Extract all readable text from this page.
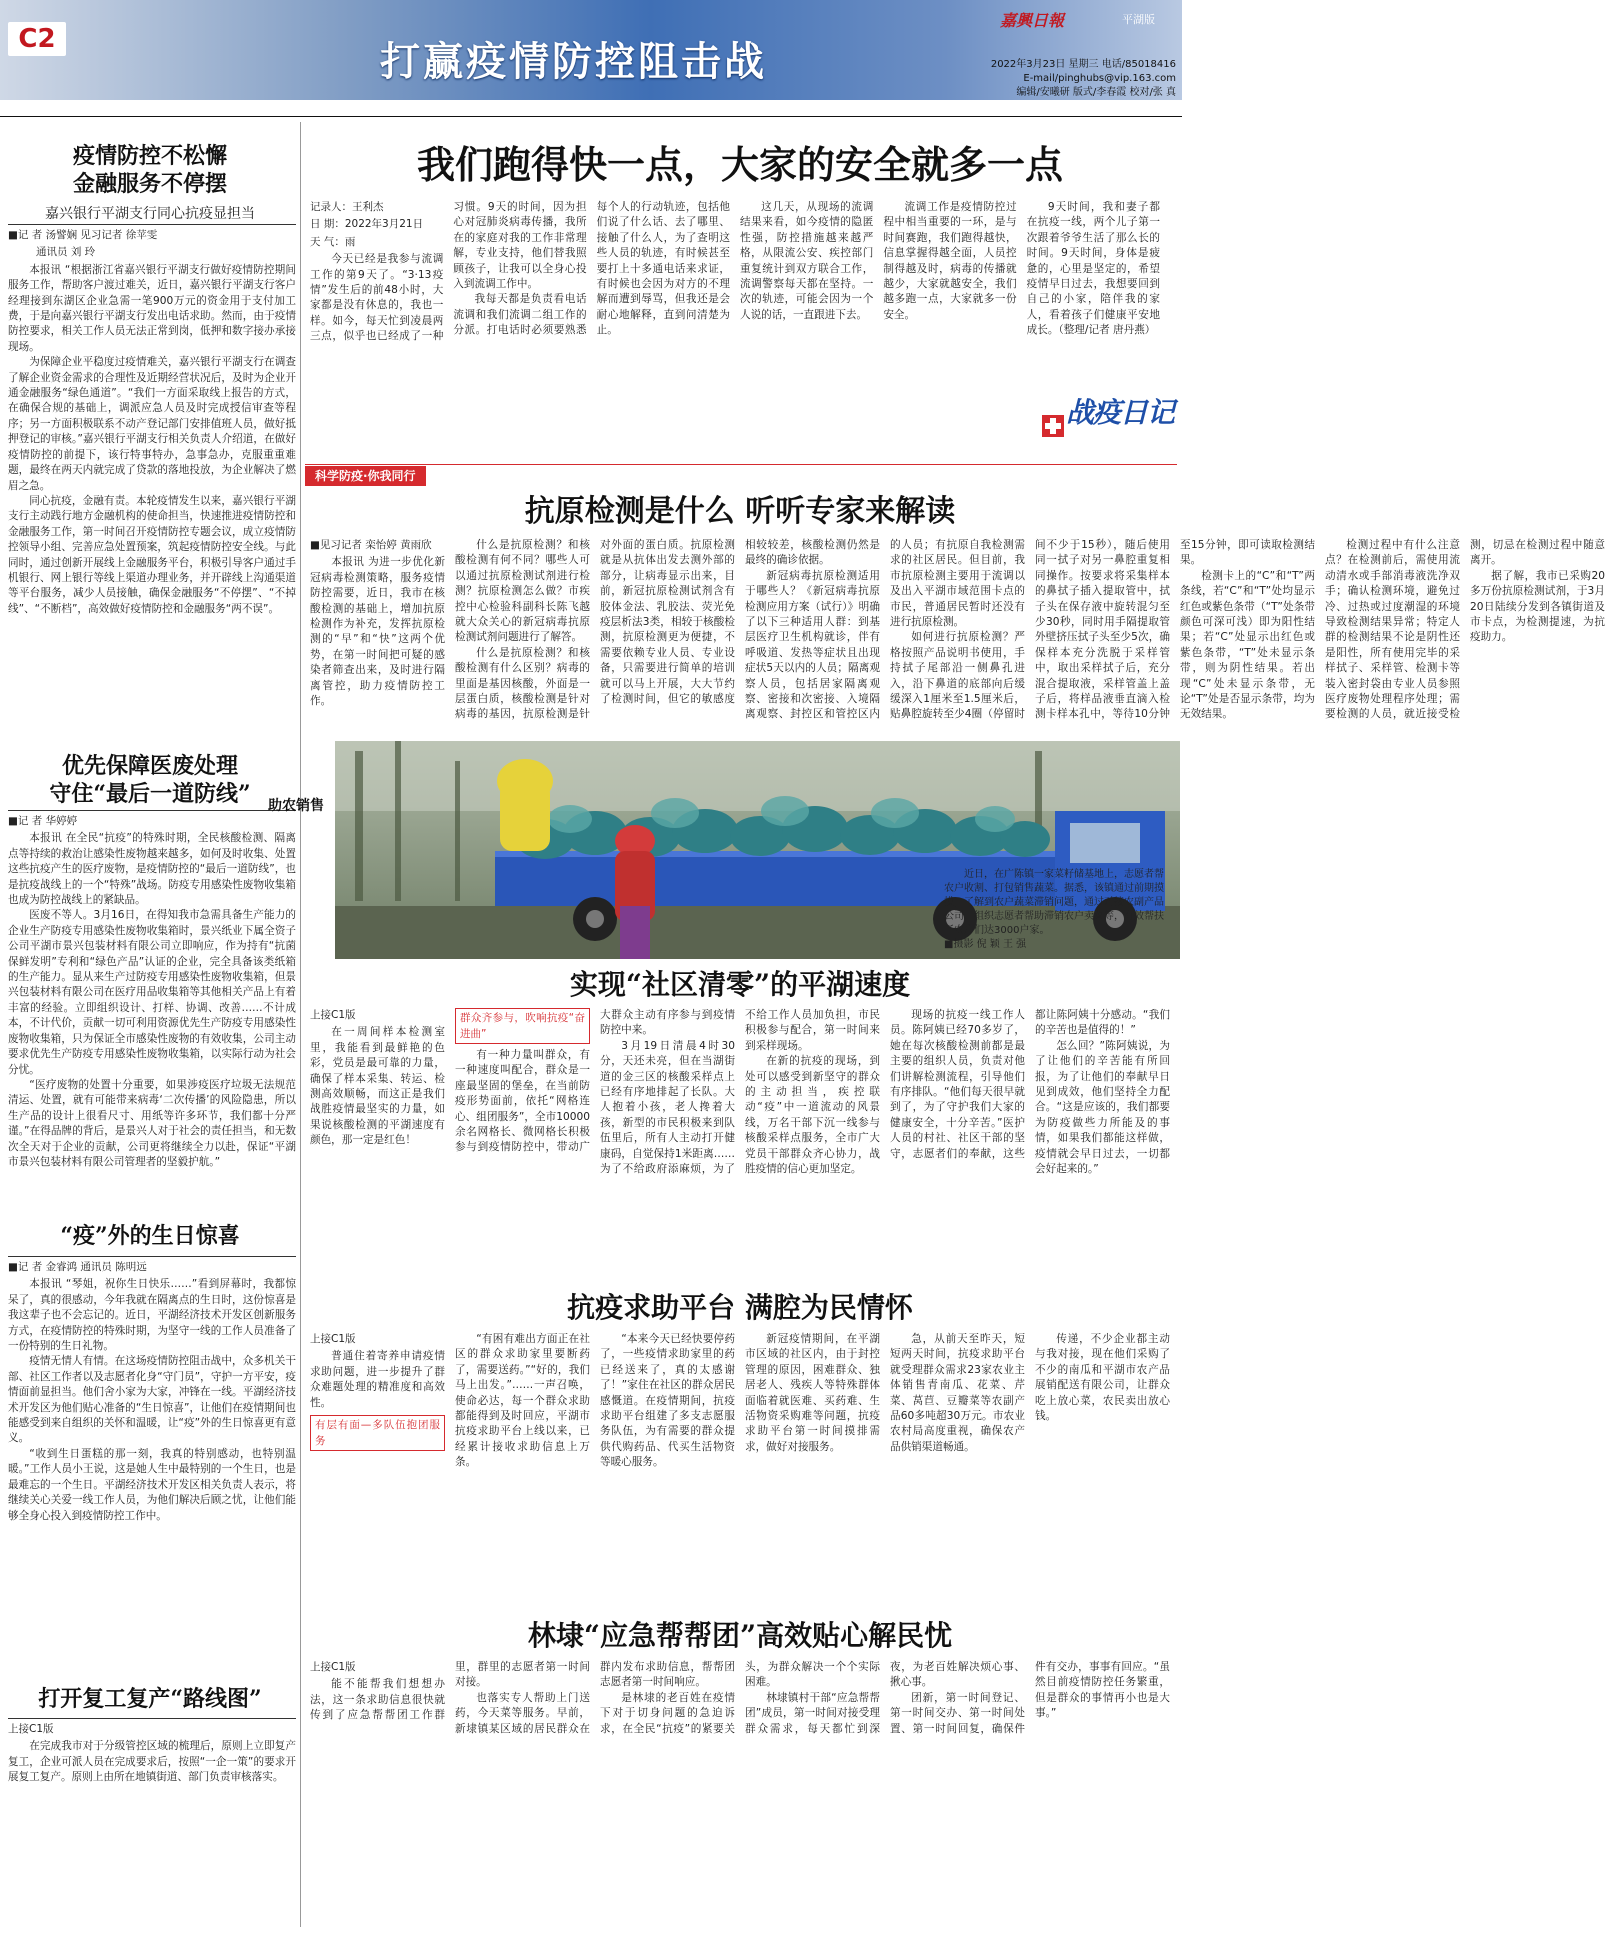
C2	打赢疫情防控阻击战
嘉興日報	平湖版
2022年3月23日 星期三 电话/85018416
E-mail/pinghubs@vip.163.com
编辑/安曦研 版式/李春霞 校对/张 真
疫情防控不松懈
金融服务不停摆
嘉兴银行平湖支行同心抗疫显担当
■记 者 汤譬娴 见习记者 徐苹雯
通讯员 刘 玲

本报讯 “根据浙江省嘉兴银行平湖支行做好疫情防控期间服务工作，帮助客户渡过难关，近日，嘉兴银行平湖支行客户经理接到东湖区企业急需一笔900万元的资金用于支付加工费，于是向嘉兴银行平湖支行发出电话求助。然而，由于疫情防控要求，相关工作人员无法正常到岗，低押和数字接办承接现场。

为保障企业平稳度过疫情难关，嘉兴银行平湖支行在调查了解企业资金需求的合理性及近期经营状况后，及时为企业开通金融服务“绿色通道”。“我们一方面采取线上报告的方式，在确保合规的基础上，调派应急人员及时完成授信审查等程序；另一方面积极联系不动产登记部门安排值班人员，做好抵押登记的审核。”嘉兴银行平湖支行相关负责人介绍道，在做好疫情防控的前提下，该行特事特办，急事急办，克服重重难题，最终在两天内就完成了贷款的落地投放，为企业解决了燃眉之急。

同心抗疫，金融有责。本轮疫情发生以来，嘉兴银行平湖支行主动践行地方金融机构的使命担当，快速推进疫情防控和金融服务工作，第一时间召开疫情防控专题会议，成立疫情防控领导小组、完善应急处置预案，筑起疫情防控安全线。与此同时，通过创新开展线上金融服务平台，积极引导客户通过手机银行、网上银行等线上渠道办理业务，并开辟线上沟通渠道等平台服务，减少人员接触，确保金融服务“不停摆”、“不掉线”、“不断档”，高效做好疫情防控和金融服务“两不误”。

优先保障医废处理
守住“最后一道防线”
■记 者 华婷婷

本报讯 在全民“抗疫”的特殊时期，全民核酸检测、隔离点等持续的救治让感染性废物越来越多，如何及时收集、处置这些抗疫产生的医疗废物，是疫情防控的“最后一道防线”，也是抗疫战线上的一个“特殊”战场。防疫专用感染性废物收集箱也成为防控战线上的紧缺品。

医废不等人。3月16日，在得知我市急需具备生产能力的企业生产防疫专用感染性废物收集箱时，景兴纸业下属全资子公司平湖市景兴包装材料有限公司立即响应，作为持有“抗菌保鲜发明”专利和“绿色产品”认证的企业，完全具备该类纸箱的生产能力。显从来生产过防疫专用感染性废物收集箱，但景兴包装材料有限公司在医疗用品收集箱等其他相关产品上有着丰富的经验。立即组织设计、打样、协调、改善……不计成本，不计代价，贡献一切可利用资源优先生产防疫专用感染性废物收集箱，只为保证全市感染性废物的有效收集，公司主动要求优先生产防疫专用感染性废物收集箱，以实际行动为社会分忧。

“医疗废物的处置十分重要，如果涉疫医疗垃圾无法规范清运、处置，就有可能带来病毒‘二次传播’的风险隐患，所以生产品的设计上很看尺寸、用纸等许多环节，我们都十分严谨。”在得品牌的背后，是景兴人对于社会的责任担当，和无数次全天对于企业的贡献，公司更将继续全力以赴，保证“平湖市景兴包装材料有限公司管理者的坚毅护航。”

“疫”外的生日惊喜
■记 者 金睿鸿 通讯员 陈明远

本报讯 “琴姐，祝你生日快乐……”看到屏幕时，我都惊呆了，真的很感动，今年我就在隔离点的生日时，这份惊喜是我这辈子也不会忘记的。近日，平湖经济技术开发区创新服务方式，在疫情防控的特殊时期，为坚守一线的工作人员准备了一份特别的生日礼物。

疫情无情人有情。在这场疫情防控阻击战中，众多机关干部、社区工作者以及志愿者化身“守门员”，守护一方平安，疫情面前显担当。他们舍小家为大家，冲锋在一线。平湖经济技术开发区为他们贴心准备的“生日惊喜”，让他们在疫情期间也能感受到来自组织的关怀和温暖，让“疫”外的生日惊喜更有意义。

“收到生日蛋糕的那一刻，我真的特别感动，也特别温暖。”工作人员小王说，这是她人生中最特别的一个生日，也是最难忘的一个生日。平湖经济技术开发区相关负责人表示，将继续关心关爱一线工作人员，为他们解决后顾之忧，让他们能够全身心投入到疫情防控工作中。

打开复工复产“路线图”
上接C1版

在完成我市对于分级管控区域的梳理后，原则上立即复产复工，企业可派人员在完成要求后，按照“一企一策”的要求开展复工复产。原则上由所在地镇街道、部门负责审核落实。

我们跑得快一点，大家的安全就多一点
记录人：王利杰
日 期：2022年3月21日
天 气：雨

今天已经是我参与流调工作的第9天了。“3·13疫情”发生后的前48小时，大家都是没有休息的，我也一样。如今，每天忙到凌晨两三点，似乎也已经成了一种习惯。9天的时间，因为担心对冠肺炎病毒传播，我所在的家庭对我的工作非常理解，专业支持，他们替我照顾孩子，让我可以全身心投入到流调工作中。

我每天都是负责看电话流调和我们流调二组工作的分派。打电话时必须要熟悉每个人的行动轨迹，包括他们说了什么话、去了哪里、接触了什么人，为了查明这些人员的轨迹，有时候甚至要打上十多通电话来求证，有时候也会因为对方的不理解而遭到辱骂，但我还是会耐心地解释，直到问清楚为止。

这几天，从现场的流调结果来看，如今疫情的隐匿性强，防控措施越来越严格，从限流公安、疾控部门重复统计到双方联合工作，流调警察每天都在坚持。一次的轨迹，可能会因为一个人说的话，一直跟进下去。

流调工作是疫情防控过程中相当重要的一环，是与时间赛跑，我们跑得越快，信息掌握得越全面，人员控制得越及时，病毒的传播就越少，大家就越安全，我们越多跑一点，大家就多一份安全。

9天时间，我和妻子都在抗疫一线，两个儿子第一次跟着爷爷生活了那么长的时间。9天时间，身体是疲惫的，心里是坚定的，希望疫情早日过去，我想要回到自己的小家，陪伴我的家人，看着孩子们健康平安地成长。（整理/记者 唐丹燕）

战疫日记
科学防疫·你我同行
抗原检测是什么 听听专家来解读
■见习记者 栾怡婷 黄雨欣

本报讯 为进一步优化新冠病毒检测策略，服务疫情防控需要，近日，我市在核酸检测的基础上，增加抗原检测作为补充，发挥抗原检测的“早”和“快”这两个优势，在第一时间把可疑的感染者筛查出来，及时进行隔离管控，助力疫情防控工作。

什么是抗原检测？和核酸检测有何不同？哪些人可以通过抗原检测试剂进行检测？抗原检测怎么做？市疾控中心检验科副科长陈飞越就大众关心的新冠病毒抗原检测试剂问题进行了解答。

什么是抗原检测？和核酸检测有什么区别？病毒的里面是基因核酸，外面是一层蛋白质，核酸检测是针对病毒的基因，抗原检测是针对外面的蛋白质。抗原检测就是从抗体出发去测外部的部分，让病毒显示出来，目前，新冠抗原检测试剂含有胶体金法、乳胶法、荧光免疫层析法3类，相较于核酸检测，抗原检测更为便捷，不需要依赖专业人员、专业设备，只需要进行简单的培训就可以马上开展，大大节约了检测时间，但它的敏感度相较较差，核酸检测仍然是最终的确诊依据。

新冠病毒抗原检测适用于哪些人？《新冠病毒抗原检测应用方案（试行）》明确了以下三种适用人群：到基层医疗卫生机构就诊，伴有呼吸道、发热等症状且出现症状5天以内的人员；隔离观察人员，包括居家隔离观察、密接和次密接、入境隔离观察、封控区和管控区内的人员；有抗原自我检测需求的社区居民。但目前，我市抗原检测主要用于流调以及出入平湖市域范围卡点的市民，普通居民暂时还没有进行抗原检测。

如何进行抗原检测？严格按照产品说明书使用，手持拭子尾部沿一侧鼻孔进入，沿下鼻道的底部向后缓缓深入1厘米至1.5厘米后，贴鼻腔旋转至少4圈（停留时间不少于15秒），随后使用同一拭子对另一鼻腔重复相同操作。按要求将采集样本的鼻拭子插入提取管中，拭子头在保存液中旋转混匀至少30秒，同时用手隔提取管外壁挤压拭子头至少5次，确保样本充分洗脱于采样管中，取出采样拭子后，充分混合提取液，采样管盖上盖子后，将样品液垂直滴入检测卡样本孔中，等待10分钟至15分钟，即可读取检测结果。

检测卡上的“C”和“T”两条线，若“C”和“T”处均显示红色或紫色条带（“T”处条带颜色可深可浅）即为阳性结果；若“C”处显示出红色或紫色条带，“T”处未显示条带，则为阴性结果。若出现“C”处未显示条带，无论“T”处是否显示条带，均为无效结果。

检测过程中有什么注意点？在检测前后，需使用流动清水或手部消毒液洗净双手；确认检测环境，避免过冷、过热或过度潮湿的环境导致检测结果异常；特定人群的检测结果不论是阴性还是阳性，所有使用完毕的采样拭子、采样管、检测卡等装入密封袋由专业人员参照医疗废物处理程序处理；需要检测的人员，就近接受检测，切忌在检测过程中随意离开。

据了解，我市已采购20多万份抗原检测试剂，于3月20日陆续分发到各镇街道及市卡点，为检测提速，为抗疫助力。

助农销售
近日，在广陈镇一家菜籽储基地上，志愿者帮农户收割、打包销售蔬菜。据悉，该镇通过前期摸摸，了解到农户蔬菜滞销问题，通过对接农副产品公司、组织志愿者帮助滞销农户卖菜等，有效帮扶了农户们达3000户家。
■摄影 倪 颖 王 强
实现“社区清零”的平湖速度
上接C1版

在一周间样本检测室里，我能看到最鲜艳的色彩，党员是最可靠的力量，确保了样本采集、转运、检测高效顺畅，而这正是我们战胜疫情最坚实的力量，如果说核酸检测的平湖速度有颜色，那一定是红色！

群众齐参与，吹响抗疫“奋进曲”

有一种力量叫群众，有一种速度叫配合，群众是一座最坚固的堡垒，在当前防疫形势面前，依托“网格连心、组团服务”，全市10000余名网格长、微网格长积极参与到疫情防控中，带动广大群众主动有序参与到疫情防控中来。

3月19日清晨4时30分，天还未亮，但在当湖街道的金三区的核酸采样点上已经有序地排起了长队。大人抱着小孩，老人搀着大孩，新型的市民积极来到队伍里后，所有人主动打开健康码，自觉保持1米距离……为了不给政府添麻烦，为了不给工作人员加负担，市民积极参与配合，第一时间来到采样现场。

在新的抗疫的现场，到处可以感受到新坚守的群众的主动担当，疾控联动“疫”中一道流动的风景线，万名干部下沉一线参与核酸采样点服务，全市广大党员干部群众齐心协力，战胜疫情的信心更加坚定。

现场的抗疫一线工作人员。陈阿姨已经70多岁了，她在每次核酸检测前都是最主要的组织人员，负责对他们讲解检测流程，引导他们有序排队。“他们每天很早就到了，为了守护我们大家的健康安全，十分辛苦。”医护人员的村社、社区干部的坚守，志愿者们的奉献，这些都让陈阿姨十分感动。“我们的辛苦也是值得的！”

怎么回？”陈阿姨说，为了让他们的辛苦能有所回报，为了让他们的奉献早日见到成效，他们坚持全力配合。“这是应该的，我们都要为防疫做些力所能及的事情，如果我们都能这样做，疫情就会早日过去，一切都会好起来的。”

抗疫求助平台 满腔为民情怀
上接C1版

普通住着寄养申请疫情求助问题，进一步提升了群众难题处理的精准度和高效性。

有层有面—多队伍抱团服务

“有困有难出方面正在社区的群众求助家里要断药了，需要送药。”“好的，我们马上出发。”……一声召唤，使命必达，每一个群众求助都能得到及时回应，平湖市抗疫求助平台上线以来，已经累计接收求助信息上万条。

“本来今天已经快要停药了，一些疫情求助家里的药已经送来了，真的太感谢了！”家住在社区的群众居民感慨道。在疫情期间，抗疫求助平台组建了多支志愿服务队伍，为有需要的群众提供代购药品、代买生活物资等暖心服务。

新冠疫情期间，在平湖市区域的社区内，由于封控管理的原因，困难群众、独居老人、残疾人等特殊群体面临着就医难、买药难、生活物资采购难等问题，抗疫求助平台第一时间摸排需求，做好对接服务。

急，从前天至昨天，短短两天时间，抗疫求助平台就受理群众需求23家农业主体销售青南瓜、花菜、芹菜、莴苣、豆瓣菜等农副产品60多吨超30万元。市农业农村局高度重视，确保农产品供销渠道畅通。

传递，不少企业都主动与我对接，现在他们采购了不少的南瓜和平湖市农产品展销配送有限公司，让群众吃上放心菜，农民卖出放心钱。

林埭“应急帮帮团”高效贴心解民忧
上接C1版

能不能帮我们想想办法，这一条求助信息很快就传到了应急帮帮团工作群里，群里的志愿者第一时间对接。

也落实专人帮助上门送药，今天菜等服务。早前，新埭镇某区域的居民群众在群内发布求助信息，帮帮团志愿者第一时间响应。

是林埭的老百姓在疫情下对于切身问题的急迫诉求，在全民“抗疫”的紧要关头，为群众解决一个个实际困难。

林埭镇村干部“应急帮帮团”成员，第一时间对接受理群众需求，每天都忙到深夜，为老百姓解决烦心事、揪心事。

团新，第一时间登记、第一时间交办、第一时间处置、第一时间回复，确保件件有交办，事事有回应。“虽然目前疫情防控任务繁重，但是群众的事情再小也是大事。”
